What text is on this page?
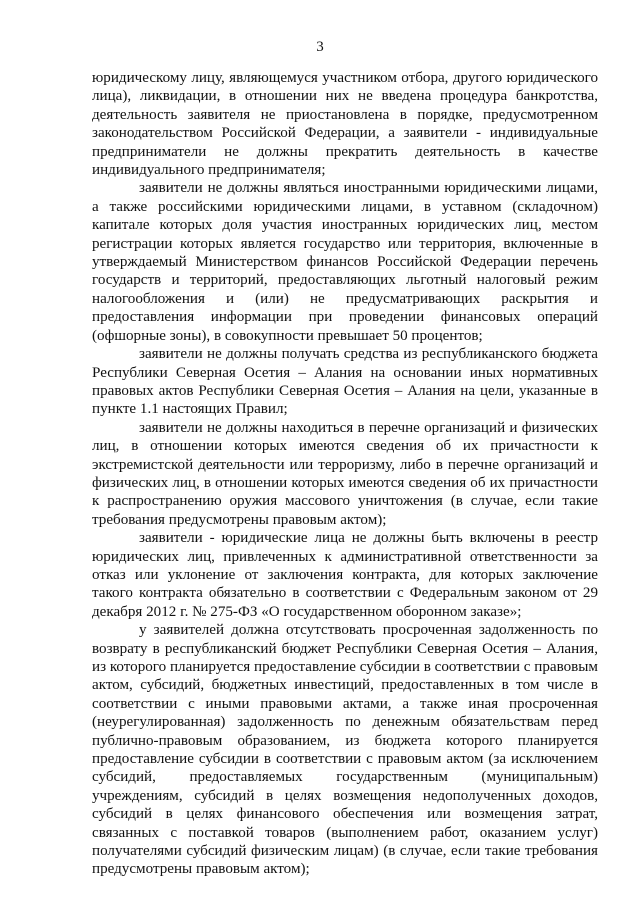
3

юридическому лицу, являющемуся участником отбора, другого юридического лица), ликвидации, в отношении них не введена процедура банкротства, деятельность заявителя не приостановлена в порядке, предусмотренном законодательством Российской Федерации, а заявители - индивидуальные предприниматели не должны прекратить деятельность в качестве индивидуального предпринимателя;

заявители не должны являться иностранными юридическими лицами, а также российскими юридическими лицами, в уставном (складочном) капитале которых доля участия иностранных юридических лиц, местом регистрации которых является государство или территория, включенные в утверждаемый Министерством финансов Российской Федерации перечень государств и территорий, предоставляющих льготный налоговый режим налогообложения и (или) не предусматривающих раскрытия и предоставления информации при проведении финансовых операций (офшорные зоны), в совокупности превышает 50 процентов;

заявители не должны получать средства из республиканского бюджета Республики Северная Осетия – Алания на основании иных нормативных правовых актов Республики Северная Осетия – Алания на цели, указанные в пункте 1.1 настоящих Правил;

заявители не должны находиться в перечне организаций и физических лиц, в отношении которых имеются сведения об их причастности к экстремистской деятельности или терроризму, либо в перечне организаций и физических лиц, в отношении которых имеются сведения об их причастности к распространению оружия массового уничтожения (в случае, если такие требования предусмотрены правовым актом);

заявители - юридические лица не должны быть включены в реестр юридических лиц, привлеченных к административной ответственности за отказ или уклонение от заключения контракта, для которых заключение такого контракта обязательно в соответствии с Федеральным законом от 29 декабря 2012 г. № 275-ФЗ «О государственном оборонном заказе»;

у заявителей должна отсутствовать просроченная задолженность по возврату в республиканский бюджет Республики Северная Осетия – Алания, из которого планируется предоставление субсидии в соответствии с правовым актом, субсидий, бюджетных инвестиций, предоставленных в том числе в соответствии с иными правовыми актами, а также иная просроченная (неурегулированная) задолженность по денежным обязательствам перед публично-правовым образованием, из бюджета которого планируется предоставление субсидии в соответствии с правовым актом (за исключением субсидий, предоставляемых государственным (муниципальным) учреждениям, субсидий в целях возмещения недополученных доходов, субсидий в целях финансового обеспечения или возмещения затрат, связанных с поставкой товаров (выполнением работ, оказанием услуг) получателями субсидий физическим лицам) (в случае, если такие требования предусмотрены правовым актом);
